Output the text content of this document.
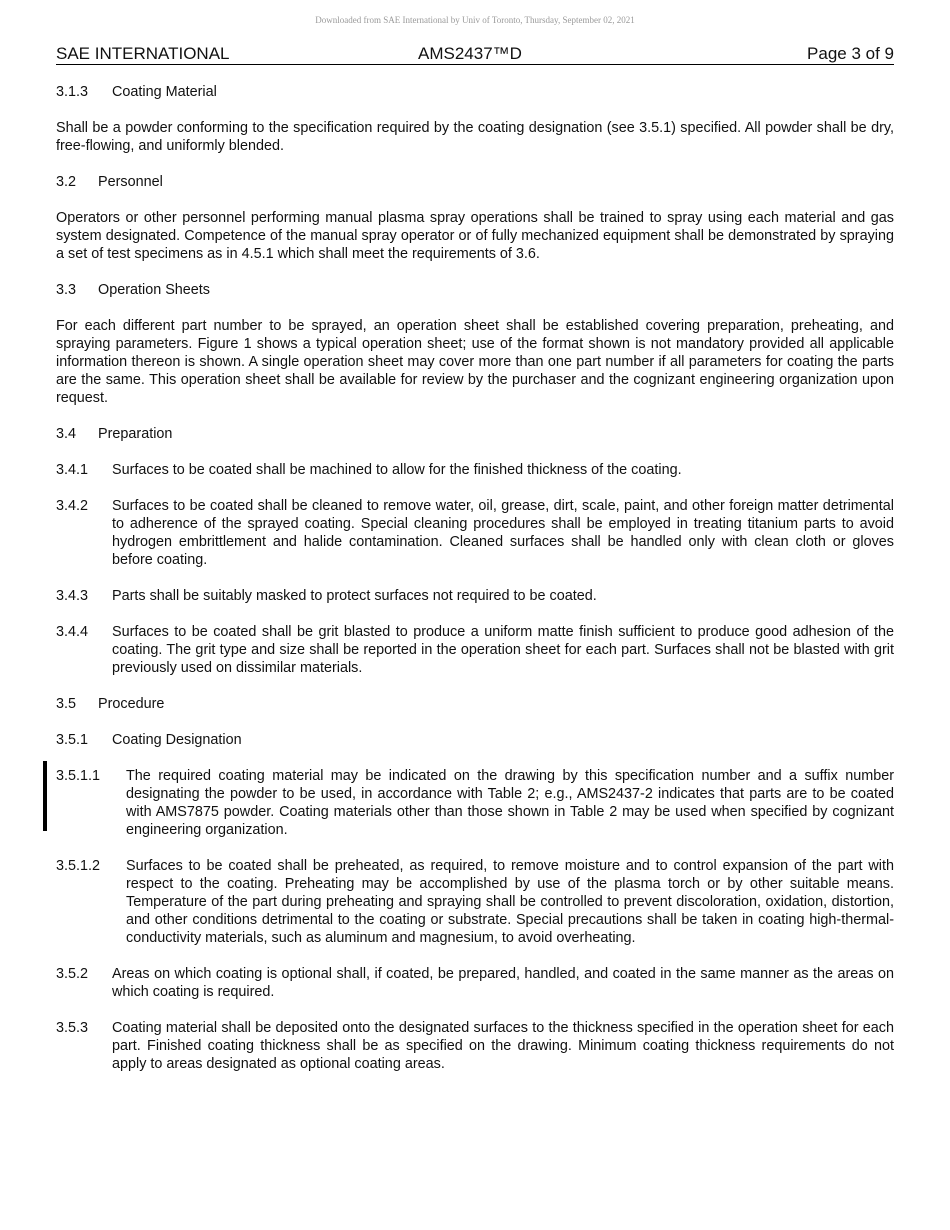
Downloaded from SAE International by Univ of Toronto, Thursday, September 02, 2021
SAE INTERNATIONAL	AMS2437™D	Page 3 of 9
3.1.3 Coating Material

Shall be a powder conforming to the specification required by the coating designation (see 3.5.1) specified. All powder shall be dry, free-flowing, and uniformly blended.

3.2 Personnel

Operators or other personnel performing manual plasma spray operations shall be trained to spray using each material and gas system designated. Competence of the manual spray operator or of fully mechanized equipment shall be demonstrated by spraying a set of test specimens as in 4.5.1 which shall meet the requirements of 3.6.

3.3 Operation Sheets

For each different part number to be sprayed, an operation sheet shall be established covering preparation, preheating, and spraying parameters. Figure 1 shows a typical operation sheet; use of the format shown is not mandatory provided all applicable information thereon is shown. A single operation sheet may cover more than one part number if all parameters for coating the parts are the same. This operation sheet shall be available for review by the purchaser and the cognizant engineering organization upon request.

3.4 Preparation
3.4.1	Surfaces to be coated shall be machined to allow for the finished thickness of the coating.
3.4.2	Surfaces to be coated shall be cleaned to remove water, oil, grease, dirt, scale, paint, and other foreign matter detrimental to adherence of the sprayed coating. Special cleaning procedures shall be employed in treating titanium parts to avoid hydrogen embrittlement and halide contamination. Cleaned surfaces shall be handled only with clean cloth or gloves before coating.
3.4.3	Parts shall be suitably masked to protect surfaces not required to be coated.
3.4.4	Surfaces to be coated shall be grit blasted to produce a uniform matte finish sufficient to produce good adhesion of the coating. The grit type and size shall be reported in the operation sheet for each part. Surfaces shall not be blasted with grit previously used on dissimilar materials.
3.5 Procedure
3.5.1 Coating Designation
3.5.1.1	The required coating material may be indicated on the drawing by this specification number and a suffix number designating the powder to be used, in accordance with Table 2; e.g., AMS2437-2 indicates that parts are to be coated with AMS7875 powder. Coating materials other than those shown in Table 2 may be used when specified by cognizant engineering organization.
3.5.1.2	Surfaces to be coated shall be preheated, as required, to remove moisture and to control expansion of the part with respect to the coating. Preheating may be accomplished by use of the plasma torch or by other suitable means. Temperature of the part during preheating and spraying shall be controlled to prevent discoloration, oxidation, distortion, and other conditions detrimental to the coating or substrate. Special precautions shall be taken in coating high-thermal-conductivity materials, such as aluminum and magnesium, to avoid overheating.
3.5.2	Areas on which coating is optional shall, if coated, be prepared, handled, and coated in the same manner as the areas on which coating is required.
3.5.3	Coating material shall be deposited onto the designated surfaces to the thickness specified in the operation sheet for each part. Finished coating thickness shall be as specified on the drawing. Minimum coating thickness requirements do not apply to areas designated as optional coating areas.
